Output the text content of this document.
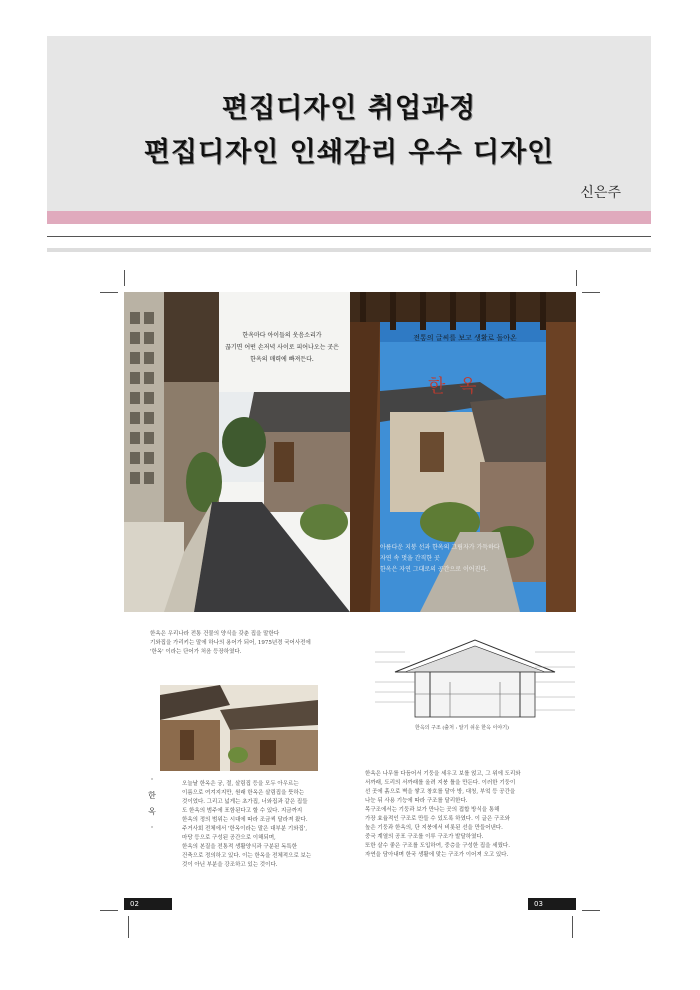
편집디자인 취업과정
편집디자인 인쇄감리 우수 디자인
신은주
한옥마다 아이들의 웃음소리가
끊기면 어떤 손저녁 사이로 피어나오는 곳은
한옥의 매력에 빠져든다.
전통의 글씨를 보고 생활로 돌아온
한 옥
아름다운 지붕 선과 한옥의 그림자가 가득하다
자연 속 멋을 간직한 곳
한옥은 자연 그대로의 공간으로 이어진다.
한옥은 우리나라 전통 건물의 양식을 갖춘 집을 말한다
기와집을 가리키는 말에 하나의 용어가 되어, 1975년경 국어사전에
'한옥' 이라는 단어가 처음 등장하였다.
·
한
옥
·
오늘날 한옥은 궁, 절, 살림집 등을 모두 아우르는
이름으로 여겨지지만, 원래 한옥은 살림집을 뜻하는
것이었다. 그리고 넓게는 초가집, 너와집과 같은 집들
도 한옥의 범주에 포함된다고 할 수 있다. 지금까지
한옥의 정의 범위는 시대에 따라 조금씩 달라져 왔다.
주거사회 전체에서 '한옥이라는 말은 대부분 기와집',
마당 등으로 구성된 공간으로 이해되며,
한옥의 본질을 전통적 생활양식과 구분된 독특한
건축으로 정의하고 있다. 이는 한옥을 전체적으로 보는
것이 아닌 부분을 강조하고 있는 것이다.
한옥의 구조 (출처 : 알기 쉬운 한옥 이야기)
한옥은 나무를 다듬어서 기둥을 세우고 보를 얹고, 그 위에 도리와
서까래, 도리의 서까래를 올려 지붕 틀을 만든다. 이러한 기둥이
선 곳에 흙으로 벽을 쌓고 창호를 달아 방, 대청, 부엌 등 공간을
나눈 뒤 사용 기능에 따라 구조를 달리한다.
목구조에서는 기둥과 보가 만나는 곳의 접합 방식을 통해
가장 효율적인 구조로 만들 수 있도록 하였다. 이 글은 구조와
높은 기둥과 한옥의, 단 지붕에서 비롯된 선을 만들어낸다.
중국 계열의 공포 구조를 이루 구조가 발달하였다.
또한 살수 좋은 구조를 도입하여, 중층을 구성한 집을 세웠다.
자연을 담아내며 한국 생활에 맞는 구조가 이어져 오고 있다.
02	03
